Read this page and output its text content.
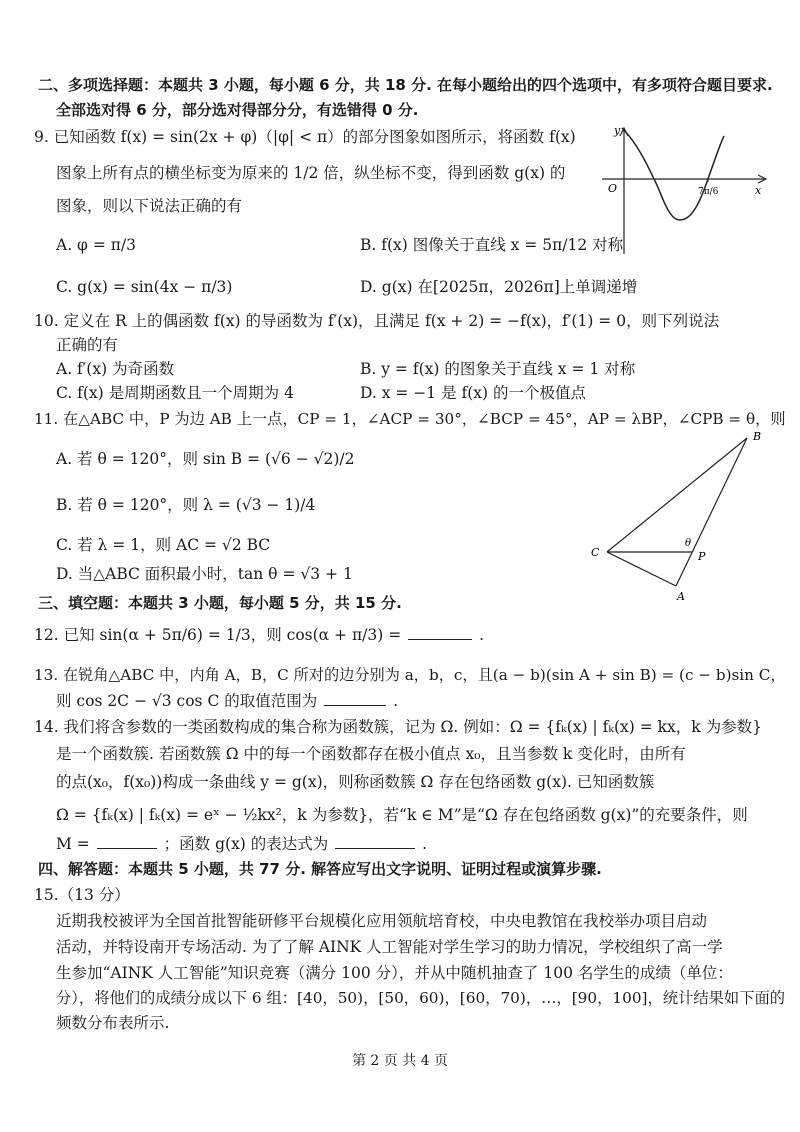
二、多项选择题：本题共 3 小题，每小题 6 分，共 18 分. 在每小题给出的四个选项中，有多项符合题目要求.
全部选对得 6 分，部分选对得部分分，有选错得 0 分.
9. 已知函数 f(x) = sin(2x + φ)（|φ| < π）的部分图象如图所示，将函数 f(x)
图象上所有点的横坐标变为原来的 1/2 倍，纵坐标不变，得到函数 g(x) 的
图象，则以下说法正确的有
A. φ = π/3	B. f(x) 图像关于直线 x = 5π/12 对称
C. g(x) = sin(4x − π/3)	D. g(x) 在[2025π，2026π]上单调递增
y
x
O	7π/6
10. 定义在 R 上的偶函数 f(x) 的导函数为 f′(x)，且满足 f(x + 2) = −f(x)，f′(1) = 0，则下列说法
正确的有
A. f′(x) 为奇函数	B. y = f(x) 的图象关于直线 x = 1 对称
C. f(x) 是周期函数且一个周期为 4	D. x = −1 是 f(x) 的一个极值点
11. 在△ABC 中，P 为边 AB 上一点，CP = 1，∠ACP = 30°，∠BCP = 45°，AP = λBP，∠CPB = θ，则
A. 若 θ = 120°，则 sin B = (√6 − √2)/2
B. 若 θ = 120°，则 λ = (√3 − 1)/4
C. 若 λ = 1，则 AC = √2 BC
D. 当△ABC 面积最小时，tan θ = √3 + 1
B
C	P
A
θ
三、填空题：本题共 3 小题，每小题 5 分，共 15 分.
12. 已知 sin(α + 5π/6) = 1/3，则 cos(α + π/3) =	.
13. 在锐角△ABC 中，内角 A，B，C 所对的边分别为 a，b，c，且(a − b)(sin A + sin B) = (c − b)sin C，
则 cos 2C − √3 cos C 的取值范围为	.
14. 我们将含参数的一类函数构成的集合称为函数簇，记为 Ω. 例如：Ω = {fₖ(x) | fₖ(x) = kx，k 为参数}
是一个函数簇. 若函数簇 Ω 中的每一个函数都存在极小值点 x₀，且当参数 k 变化时，由所有
的点(x₀，f(x₀))构成一条曲线 y = g(x)，则称函数簇 Ω 存在包络函数 g(x). 已知函数簇
Ω = {fₖ(x) | fₖ(x) = eˣ − ½kx²，k 为参数}，若“k ∈ M”是“Ω 存在包络函数 g(x)”的充要条件，则
M =	；函数 g(x) 的表达式为	.
四、解答题：本题共 5 小题，共 77 分. 解答应写出文字说明、证明过程或演算步骤.
15.（13 分）
近期我校被评为全国首批智能研修平台规模化应用领航培育校，中央电教馆在我校举办项目启动
活动，并特设南开专场活动. 为了了解 AINK 人工智能对学生学习的助力情况，学校组织了高一学
生参加“AINK 人工智能”知识竞赛（满分 100 分），并从中随机抽查了 100 名学生的成绩（单位：
分），将他们的成绩分成以下 6 组：[40，50)，[50，60)，[60，70)，…，[90，100]，统计结果如下面的
频数分布表所示.
第 2 页 共 4 页
